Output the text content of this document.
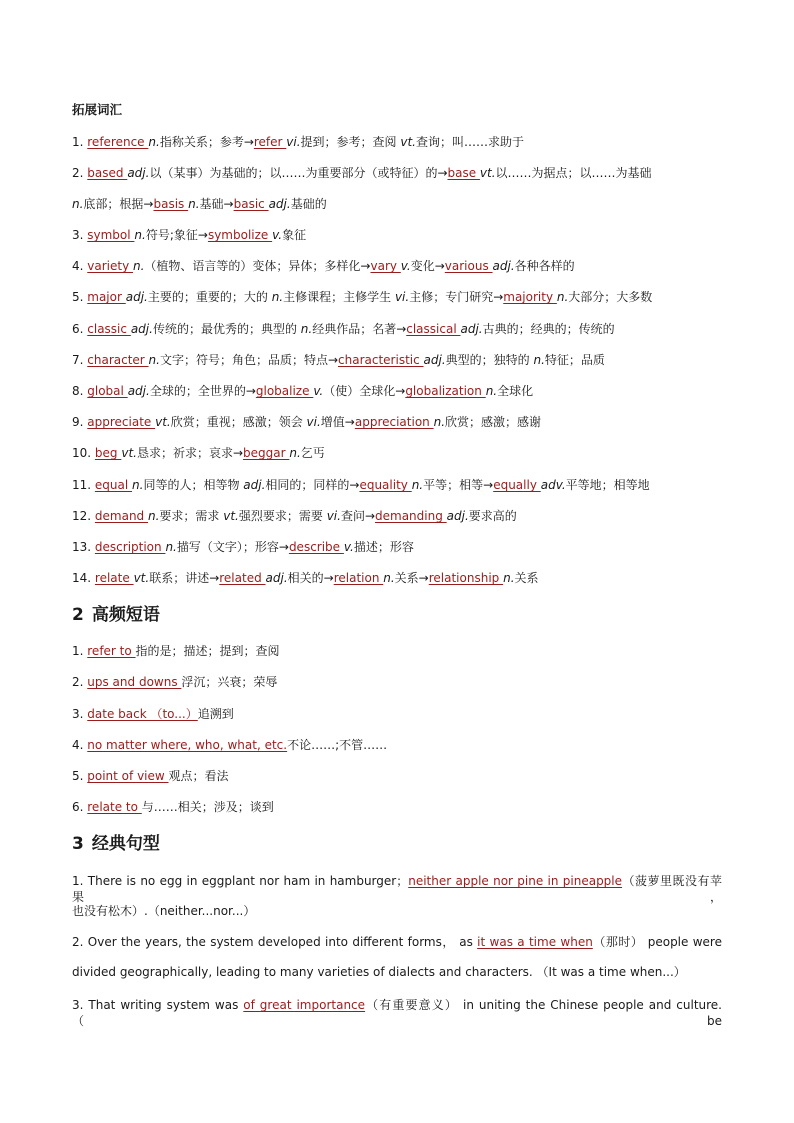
拓展词汇

1. reference n.指称关系；参考→refer vi.提到；参考；查阅 vt.查询；叫……求助于

2. based adj.以（某事）为基础的；以……为重要部分（或特征）的→base vt.以……为据点；以……为基础

n.底部；根据→basis n.基础→basic adj.基础的

3. symbol n.符号;象征→symbolize v.象征

4. variety n.（植物、语言等的）变体；异体；多样化→vary v.变化→various adj.各种各样的

5. major adj.主要的；重要的；大的 n.主修课程；主修学生 vi.主修；专门研究→majority n.大部分；大多数

6. classic adj.传统的；最优秀的；典型的 n.经典作品；名著→classical adj.古典的；经典的；传统的

7. character n.文字；符号；角色；品质；特点→characteristic adj.典型的；独特的 n.特征；品质

8. global adj.全球的；全世界的→globalize v.（使）全球化→globalization n.全球化

9. appreciate vt.欣赏；重视；感激；领会 vi.增值→appreciation n.欣赏；感激；感谢

10. beg vt.恳求；祈求；哀求→beggar n.乞丐

11. equal n.同等的人；相等物 adj.相同的；同样的→equality n.平等；相等→equally adv.平等地；相等地

12. demand n.要求；需求 vt.强烈要求；需要 vi.查问→demanding adj.要求高的

13. description n.描写（文字）；形容→describe v.描述；形容

14. relate vt.联系；讲述→related adj.相关的→relation n.关系→relationship n.关系

2 高频短语

1. refer to 指的是；描述；提到；查阅

2. ups and downs 浮沉；兴衰；荣辱

3. date back （to...）追溯到

4. no matter where, who, what, etc.不论……;不管……

5. point of view 观点；看法

6. relate to 与……相关；涉及；谈到

3 经典句型

1. There is no egg in eggplant nor ham in hamburger；neither apple nor pine in pineapple（菠萝里既没有苹果，

也没有松木）.（neither...nor...）

2. Over the years, the system developed into different forms， as it was a time when（那时） people were

divided geographically, leading to many varieties of dialects and characters. （It was a time when...）

3. That writing system was of great importance（有重要意义） in uniting the Chinese people and culture.（be
